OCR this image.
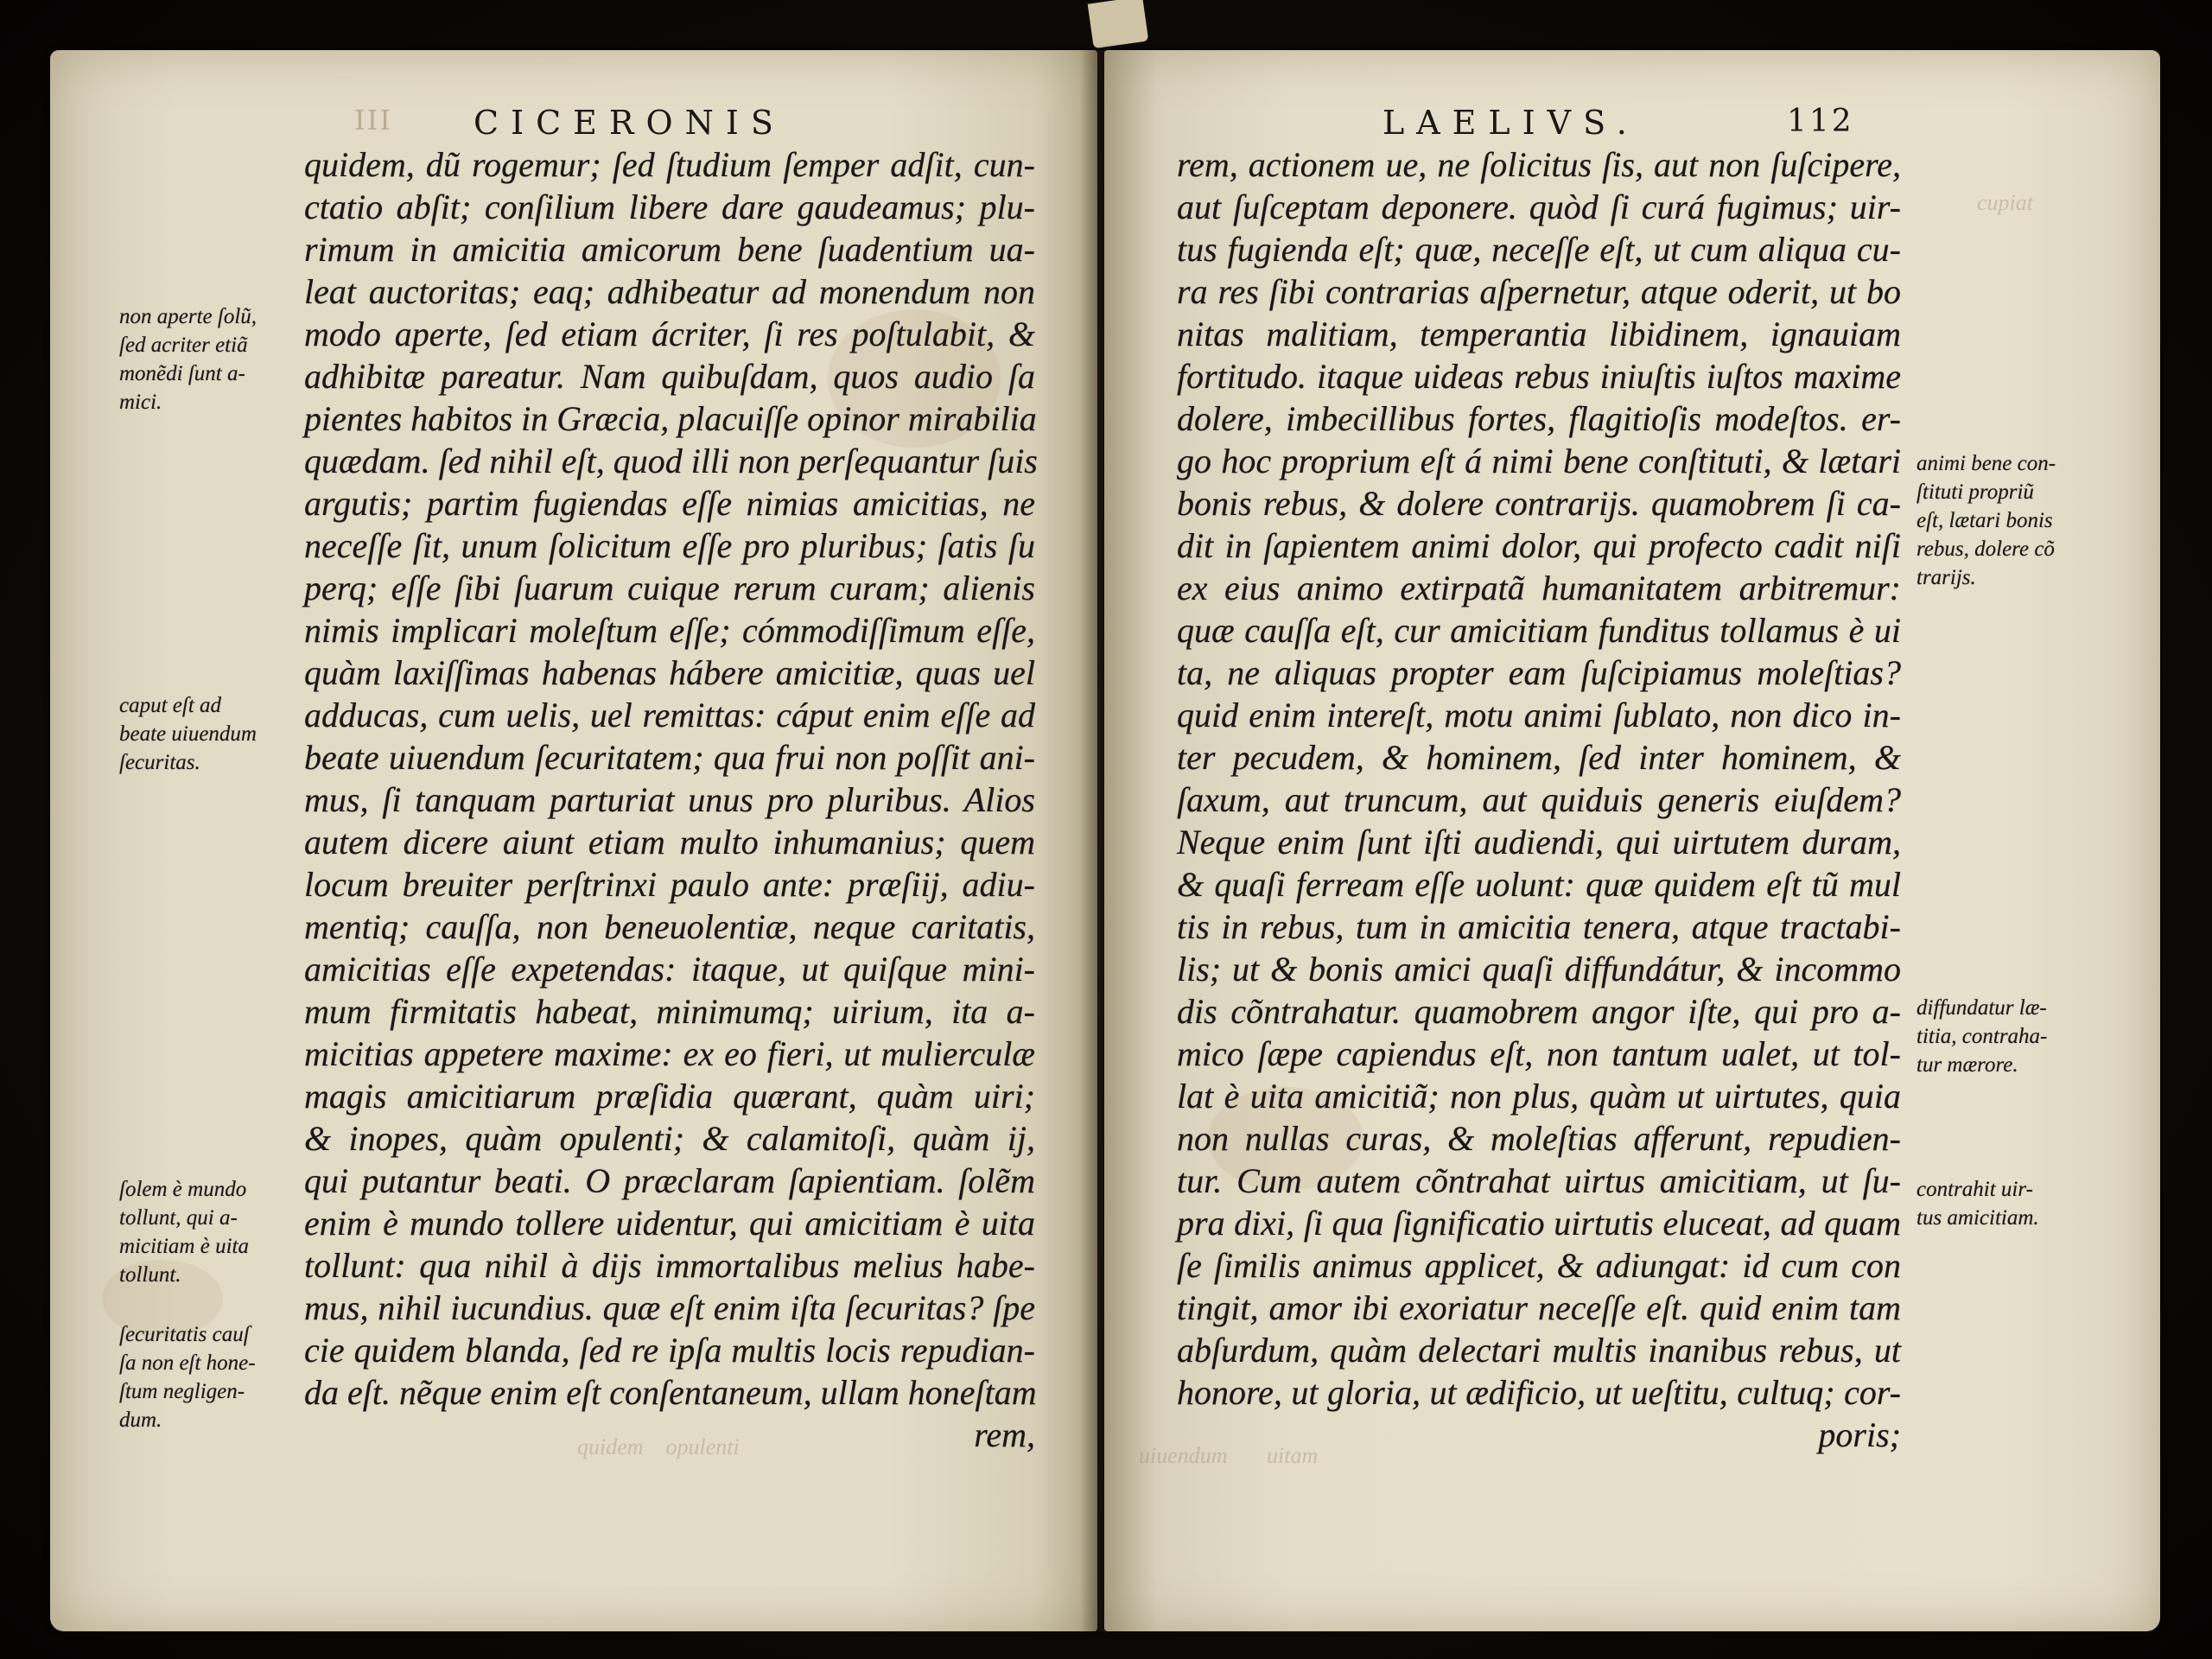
quidem    opulenti
III CICERONIS
quidem, dũ rogemur; ſed ſtudium ſemper adſit, cun-
ctatio abſit; conſilium libere dare gaudeamus; plu-
rimum in amicitia amicorum bene ſuadentium ua-
leat auctoritas; eaq; adhibeatur ad monendum non
modo aperte, ſed etiam ácriter, ſi res poſtulabit, &
adhibitæ pareatur. Nam quibuſdam, quos audio ſa
pientes habitos in Græcia, placuiſſe opinor mirabilia
quædam. ſed nihil eſt, quod illi non perſequantur ſuis
argutis; partim fugiendas eſſe nimias amicitias, ne
neceſſe ſit, unum ſolicitum eſſe pro pluribus; ſatis ſu
perq; eſſe ſibi ſuarum cuique rerum curam; alienis
nimis implicari moleſtum eſſe; cómmodiſſimum eſſe,
quàm laxiſſimas habenas hábere amicitiæ, quas uel
adducas, cum uelis, uel remittas: cáput enim eſſe ad
beate uiuendum ſecuritatem; qua frui non poſſit ani-
mus, ſi tanquam parturiat unus pro pluribus. Alios
autem dicere aiunt etiam multo inhumanius; quem
locum breuiter perſtrinxi paulo ante: præſiij, adiu-
mentiq; cauſſa, non beneuolentiæ, neque caritatis,
amicitias eſſe expetendas: itaque, ut quiſque mini-
mum firmitatis habeat, minimumq; uirium, ita a-
micitias appetere maxime: ex eo fieri, ut mulierculæ
magis amicitiarum præſidia quærant, quàm uiri;
& inopes, quàm opulenti; & calamitoſi, quàm ij,
qui putantur beati. O præclaram ſapientiam. ſolẽm
enim è mundo tollere uidentur, qui amicitiam è uita
tollunt: qua nihil à dijs immortalibus melius habe-
mus, nihil iucundius. quæ eſt enim iſta ſecuritas? ſpe
cie quidem blanda, ſed re ipſa multis locis repudian-
da eſt. nẽque enim eſt conſentaneum, ullam honeſtam
rem,
non aperte ſolũ,
ſed acriter etiã
monẽdi ſunt a-
mici.
caput eſt ad
beate uiuendum
ſecuritas.
ſolem è mundo
tollunt, qui a-
micitiam è uita
tollunt.
ſecuritatis cauſ
ſa non eſt hone-
ſtum negligen-
dum.
uiuendum       uitam
cupiat
LAELIVS.	112
rem, actionem ue, ne ſolicitus ſis, aut non ſuſcipere,
aut ſuſceptam deponere. quòd ſi curá fugimus; uir-
tus fugienda eſt; quæ, neceſſe eſt, ut cum aliqua cu-
ra res ſibi contrarias aſpernetur, atque oderit, ut bo
nitas malitiam, temperantia libidinem, ignauiam
fortitudo. itaque uideas rebus iniuſtis iuſtos maxime
dolere, imbecillibus fortes, flagitioſis modeſtos. er-
go hoc proprium eſt á nimi bene conſtituti, & lætari
bonis rebus, & dolere contrarijs. quamobrem ſi ca-
dit in ſapientem animi dolor, qui profecto cadit niſi
ex eius animo extirpatã humanitatem arbitremur:
quæ cauſſa eſt, cur amicitiam funditus tollamus è ui
ta, ne aliquas propter eam ſuſcipiamus moleſtias?
quid enim intereſt, motu animi ſublato, non dico in-
ter pecudem, & hominem, ſed inter hominem, &
ſaxum, aut truncum, aut quiduis generis eiuſdem?
Neque enim ſunt iſti audiendi, qui uirtutem duram,
& quaſi ferream eſſe uolunt: quæ quidem eſt tũ mul
tis in rebus, tum in amicitia tenera, atque tractabi-
lis; ut & bonis amici quaſi diffundátur, & incommo
dis cõntrahatur. quamobrem angor iſte, qui pro a-
mico ſæpe capiendus eſt, non tantum ualet, ut tol-
lat è uita amicitiã; non plus, quàm ut uirtutes, quia
non nullas curas, & moleſtias afferunt, repudien-
tur. Cum autem cõntrahat uirtus amicitiam, ut ſu-
pra dixi, ſi qua ſignificatio uirtutis eluceat, ad quam
ſe ſimilis animus applicet, & adiungat: id cum con
tingit, amor ibi exoriatur neceſſe eſt. quid enim tam
abſurdum, quàm delectari multis inanibus rebus, ut
honore, ut gloria, ut ædificio, ut ueſtitu, cultuq; cor-
poris;
animi bene con-
ſtituti propriũ
eſt, lætari bonis
rebus, dolere cõ
trarijs.
diffundatur læ-
titia, contraha-
tur mærore.
contrahit uir-
tus amicitiam.
